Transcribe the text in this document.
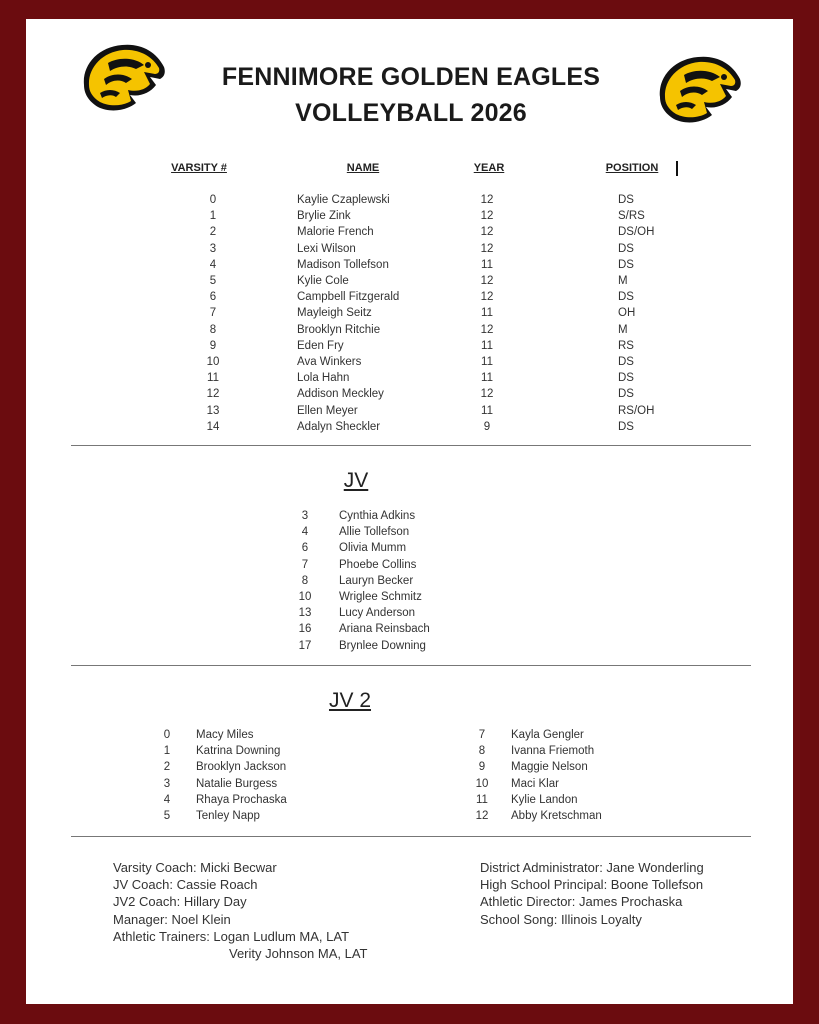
FENNIMORE GOLDEN EAGLES
VOLLEYBALL 2026
VARSITY #	NAME	YEAR	POSITION
0	Kaylie Czaplewski	12	DS
1	Brylie Zink	12	S/RS
2	Malorie French	12	DS/OH
3	Lexi Wilson	12	DS
4	Madison Tollefson	11	DS
5	Kylie Cole	12	M
6	Campbell Fitzgerald	12	DS
7	Mayleigh Seitz	11	OH
8	Brooklyn Ritchie	12	M
9	Eden Fry	11	RS
10	Ava Winkers	11	DS
11	Lola Hahn	11	DS
12	Addison Meckley	12	DS
13	Ellen Meyer	11	RS/OH
14	Adalyn Sheckler	9	DS
JV
3	Cynthia Adkins
4	Allie Tollefson
6	Olivia Mumm
7	Phoebe Collins
8	Lauryn Becker
10 Wriglee Schmitz
13 Lucy Anderson
16 Ariana Reinsbach
17 Brynlee Downing
JV 2
0	Macy Miles
1	Katrina Downing
2	Brooklyn Jackson
3	Natalie Burgess
4	Rhaya Prochaska
5	Tenley Napp
7	Kayla Gengler
8	Ivanna Friemoth
9	Maggie Nelson
10 Maci Klar
11 Kylie Landon
12 Abby Kretschman
Varsity Coach: Micki Becwar
JV Coach: Cassie Roach
JV2 Coach: Hillary Day
Manager: Noel Klein
Athletic Trainers: Logan Ludlum MA, LAT
Verity Johnson MA, LAT
District Administrator: Jane Wonderling
High School Principal: Boone Tollefson
Athletic Director: James Prochaska
School Song: Illinois Loyalty
